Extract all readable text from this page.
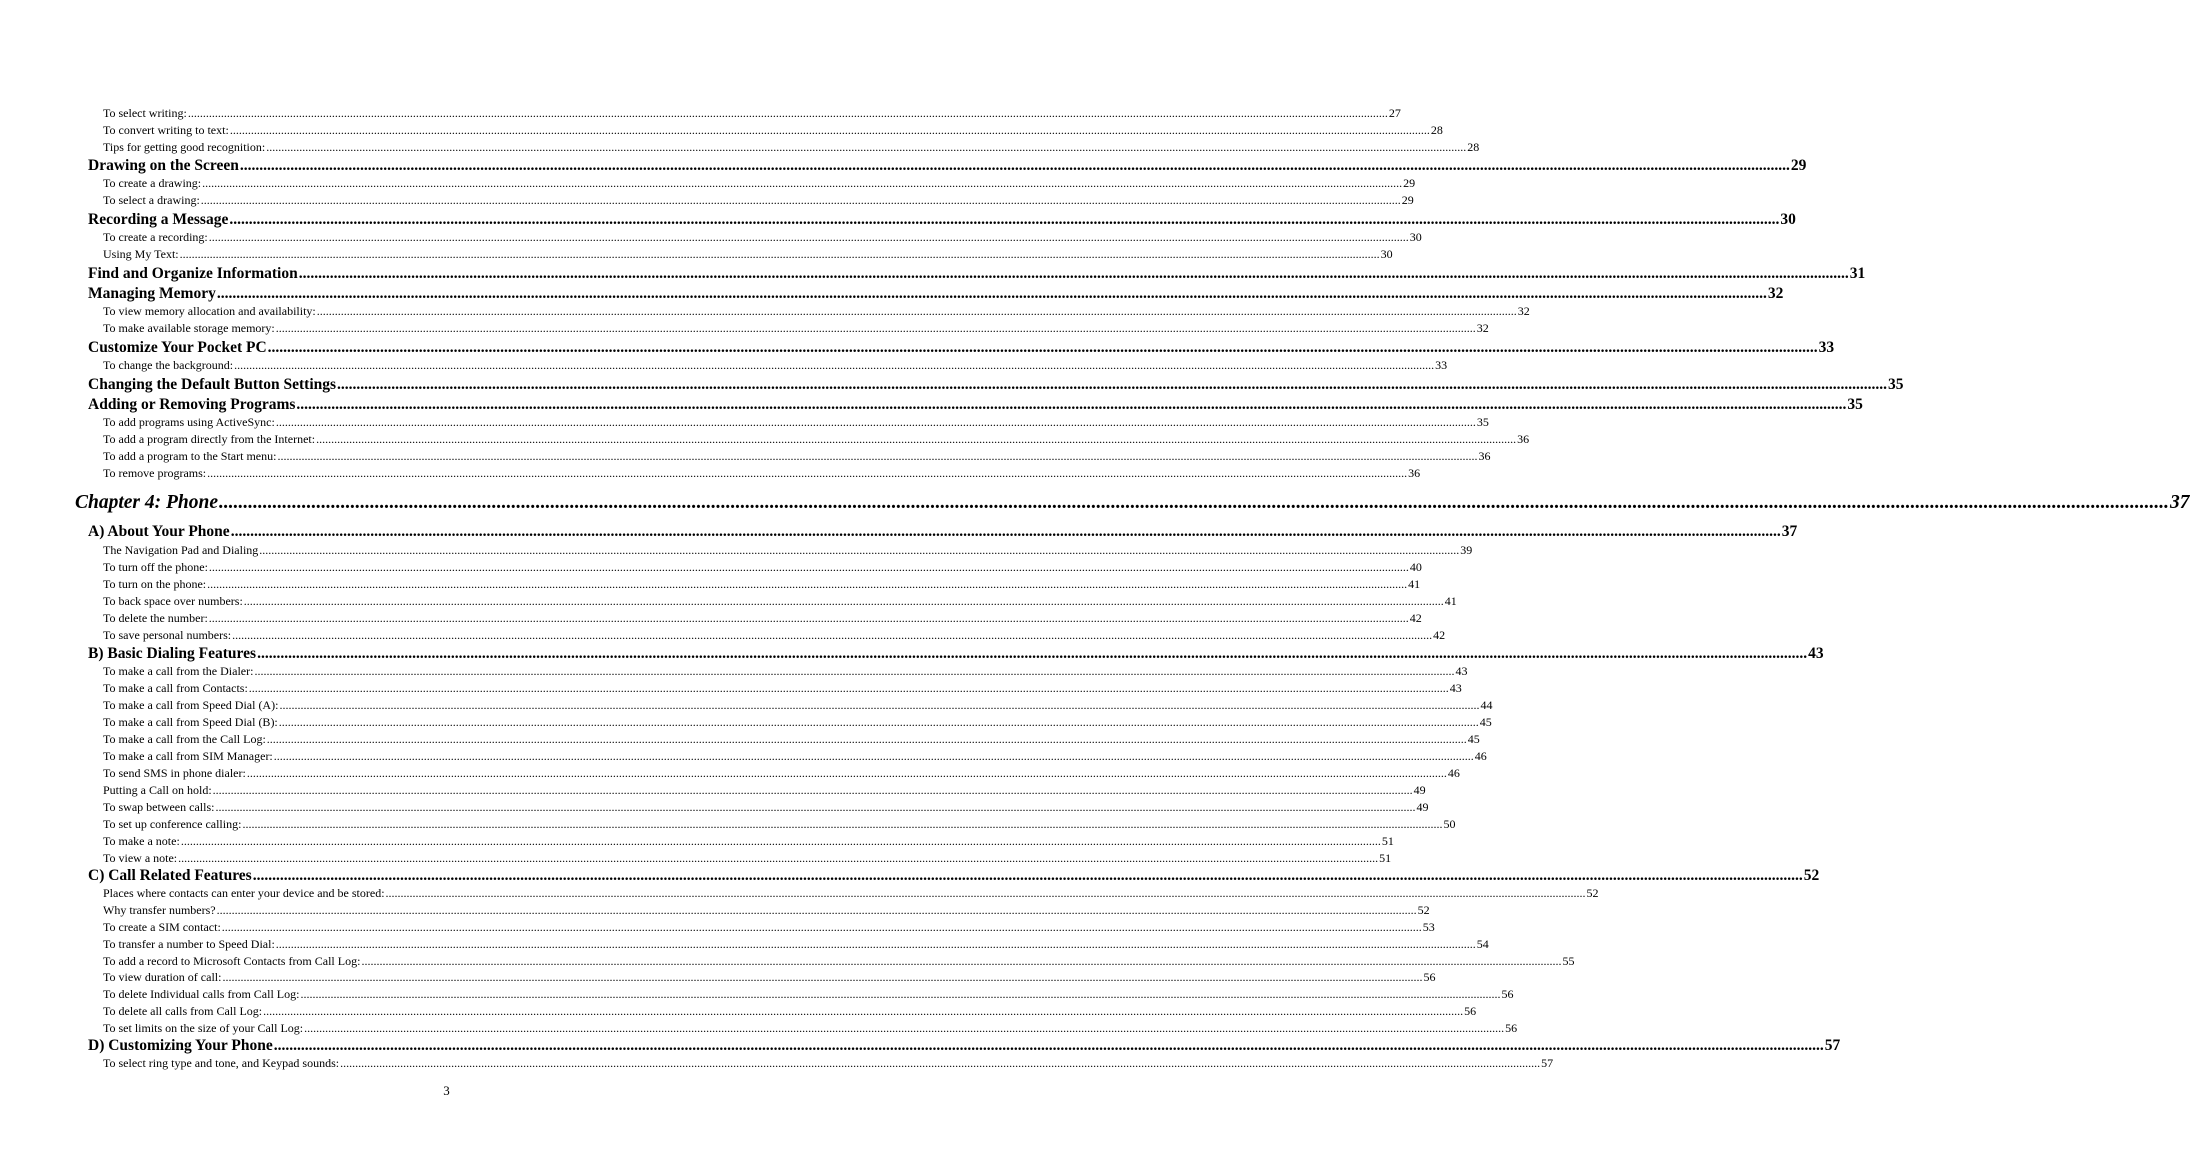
To select writing: ................................................................................................................................................................................................................................................................................................................................................................................................................ 27
To convert writing to text: ................................................................................................................................................................................................................................................................................................................................................................................................................ 28
Tips for getting good recognition: ................................................................................................................................................................................................................................................................................................................................................................................................................ 28
Drawing on the Screen ................................................................................................................................................................................................................................................................................................................................................................................................................ 29
To create a drawing: ................................................................................................................................................................................................................................................................................................................................................................................................................ 29
To select a drawing: ................................................................................................................................................................................................................................................................................................................................................................................................................ 29
Recording a Message ................................................................................................................................................................................................................................................................................................................................................................................................................ 30
To create a recording: ................................................................................................................................................................................................................................................................................................................................................................................................................ 30
Using My Text: ................................................................................................................................................................................................................................................................................................................................................................................................................ 30
Find and Organize Information ................................................................................................................................................................................................................................................................................................................................................................................................................ 31
Managing Memory ................................................................................................................................................................................................................................................................................................................................................................................................................ 32
To view memory allocation and availability: ................................................................................................................................................................................................................................................................................................................................................................................................................ 32
To make available storage memory: ................................................................................................................................................................................................................................................................................................................................................................................................................ 32
Customize Your Pocket PC ................................................................................................................................................................................................................................................................................................................................................................................................................ 33
To change the background: ................................................................................................................................................................................................................................................................................................................................................................................................................ 33
Changing the Default Button Settings ................................................................................................................................................................................................................................................................................................................................................................................................................ 35
Adding or Removing Programs ................................................................................................................................................................................................................................................................................................................................................................................................................ 35
To add programs using ActiveSync: ................................................................................................................................................................................................................................................................................................................................................................................................................ 35
To add a program directly from the Internet: ................................................................................................................................................................................................................................................................................................................................................................................................................ 36
To add a program to the Start menu: ................................................................................................................................................................................................................................................................................................................................................................................................................ 36
To remove programs: ................................................................................................................................................................................................................................................................................................................................................................................................................ 36
Chapter 4: Phone ................................................................................................................................................................................................................................................................................................................................................................................................................ 37
A) About Your Phone ................................................................................................................................................................................................................................................................................................................................................................................................................ 37
The Navigation Pad and Dialing ................................................................................................................................................................................................................................................................................................................................................................................................................ 39
To turn off the phone: ................................................................................................................................................................................................................................................................................................................................................................................................................ 40
To turn on the phone: ................................................................................................................................................................................................................................................................................................................................................................................................................ 41
To back space over numbers: ................................................................................................................................................................................................................................................................................................................................................................................................................ 41
To delete the number: ................................................................................................................................................................................................................................................................................................................................................................................................................ 42
To save personal numbers: ................................................................................................................................................................................................................................................................................................................................................................................................................ 42
B) Basic Dialing Features ................................................................................................................................................................................................................................................................................................................................................................................................................ 43
To make a call from the Dialer: ................................................................................................................................................................................................................................................................................................................................................................................................................ 43
To make a call from Contacts: ................................................................................................................................................................................................................................................................................................................................................................................................................ 43
To make a call from Speed Dial (A): ................................................................................................................................................................................................................................................................................................................................................................................................................ 44
To make a call from Speed Dial (B): ................................................................................................................................................................................................................................................................................................................................................................................................................ 45
To make a call from the Call Log: ................................................................................................................................................................................................................................................................................................................................................................................................................ 45
To make a call from SIM Manager: ................................................................................................................................................................................................................................................................................................................................................................................................................ 46
To send SMS in phone dialer: ................................................................................................................................................................................................................................................................................................................................................................................................................ 46
Putting a Call on hold: ................................................................................................................................................................................................................................................................................................................................................................................................................ 49
To swap between calls: ................................................................................................................................................................................................................................................................................................................................................................................................................ 49
To set up conference calling: ................................................................................................................................................................................................................................................................................................................................................................................................................ 50
To make a note: ................................................................................................................................................................................................................................................................................................................................................................................................................ 51
To view a note: ................................................................................................................................................................................................................................................................................................................................................................................................................ 51
C) Call Related Features ................................................................................................................................................................................................................................................................................................................................................................................................................ 52
Places where contacts can enter your device and be stored: ................................................................................................................................................................................................................................................................................................................................................................................................................ 52
Why transfer numbers? ................................................................................................................................................................................................................................................................................................................................................................................................................ 52
To create a SIM contact: ................................................................................................................................................................................................................................................................................................................................................................................................................ 53
To transfer a number to Speed Dial: ................................................................................................................................................................................................................................................................................................................................................................................................................ 54
To add a record to Microsoft Contacts from Call Log: ................................................................................................................................................................................................................................................................................................................................................................................................................ 55
To view duration of call: ................................................................................................................................................................................................................................................................................................................................................................................................................ 56
To delete Individual calls from Call Log: ................................................................................................................................................................................................................................................................................................................................................................................................................ 56
To delete all calls from Call Log: ................................................................................................................................................................................................................................................................................................................................................................................................................ 56
To set limits on the size of your Call Log: ................................................................................................................................................................................................................................................................................................................................................................................................................ 56
D) Customizing Your Phone ................................................................................................................................................................................................................................................................................................................................................................................................................ 57
To select ring type and tone, and Keypad sounds: ................................................................................................................................................................................................................................................................................................................................................................................................................ 57
3
